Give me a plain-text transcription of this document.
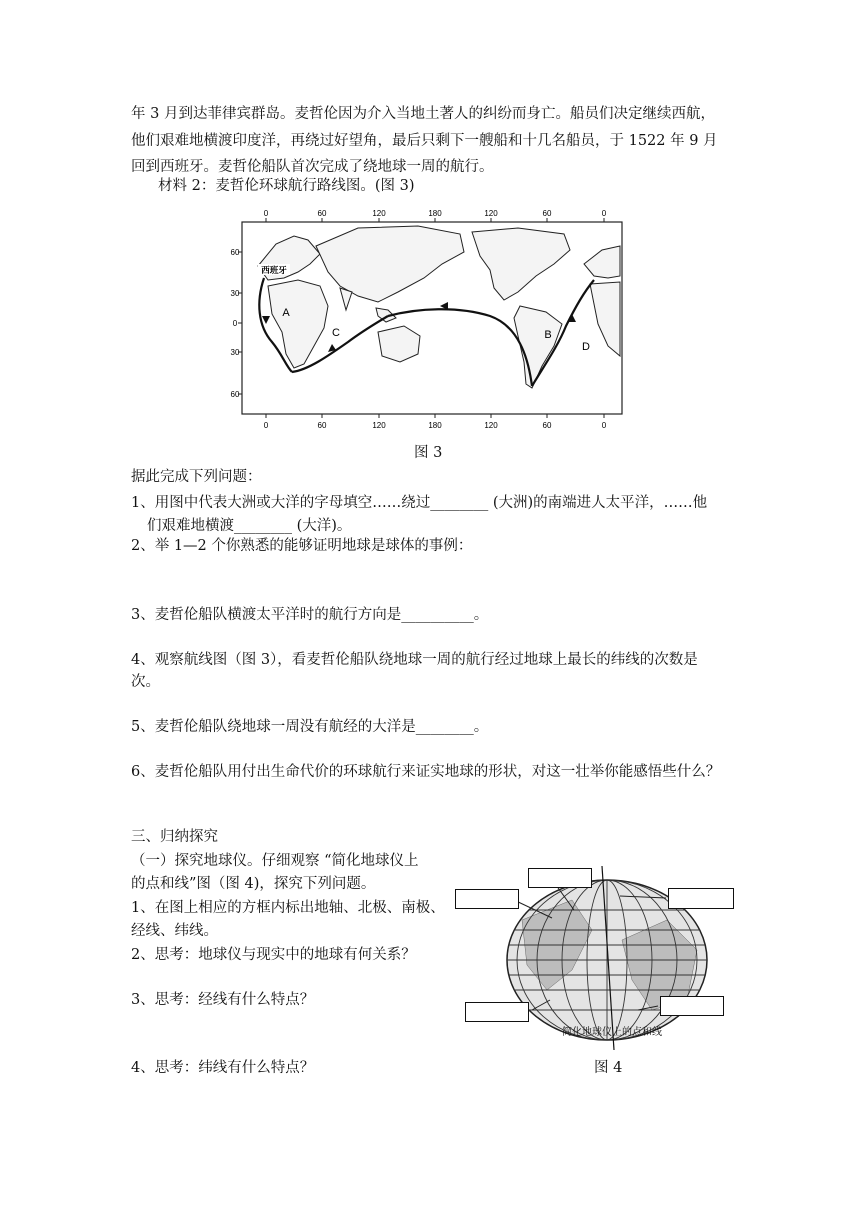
年 3 月到达菲律宾群岛。麦哲伦因为介入当地土著人的纠纷而身亡。船员们决定继续西航，
他们艰难地横渡印度洋，再绕过好望角，最后只剩下一艘船和十几名船员，于 1522 年 9 月
回到西班牙。麦哲伦船队首次完成了绕地球一周的航行。
材料 2：麦哲伦环球航行路线图。(图 3)
0	60	120	180	120	60	0
0	60	120	180	120	60	0
60
30
0
30
60
西班牙
A
B
C
D
图 3
据此完成下列问题：
1、用图中代表大洲或大洋的字母填空……绕过________ (大洲)的南端进人太平洋，……他
们艰难地横渡________ (大洋)。
2、举 1—2 个你熟悉的能够证明地球是球体的事例：
3、麦哲伦船队横渡太平洋时的航行方向是__________。
4、观察航线图（图 3），看麦哲伦船队绕地球一周的航行经过地球上最长的纬线的次数是
次。
5、麦哲伦船队绕地球一周没有航经的大洋是________。
6、麦哲伦船队用付出生命代价的环球航行来证实地球的形状，对这一壮举你能感悟些什么？
三、归纳探究
（一）探究地球仪。仔细观察 “简化地球仪上
的点和线”图（图 4)，探究下列问题。
1、在图上相应的方框内标出地轴、北极、南极、
经线、纬线。
2、思考：地球仪与现实中的地球有何关系？
3、思考：经线有什么特点？
4、思考：纬线有什么特点？
简化地球仪上的点和线
图 4
